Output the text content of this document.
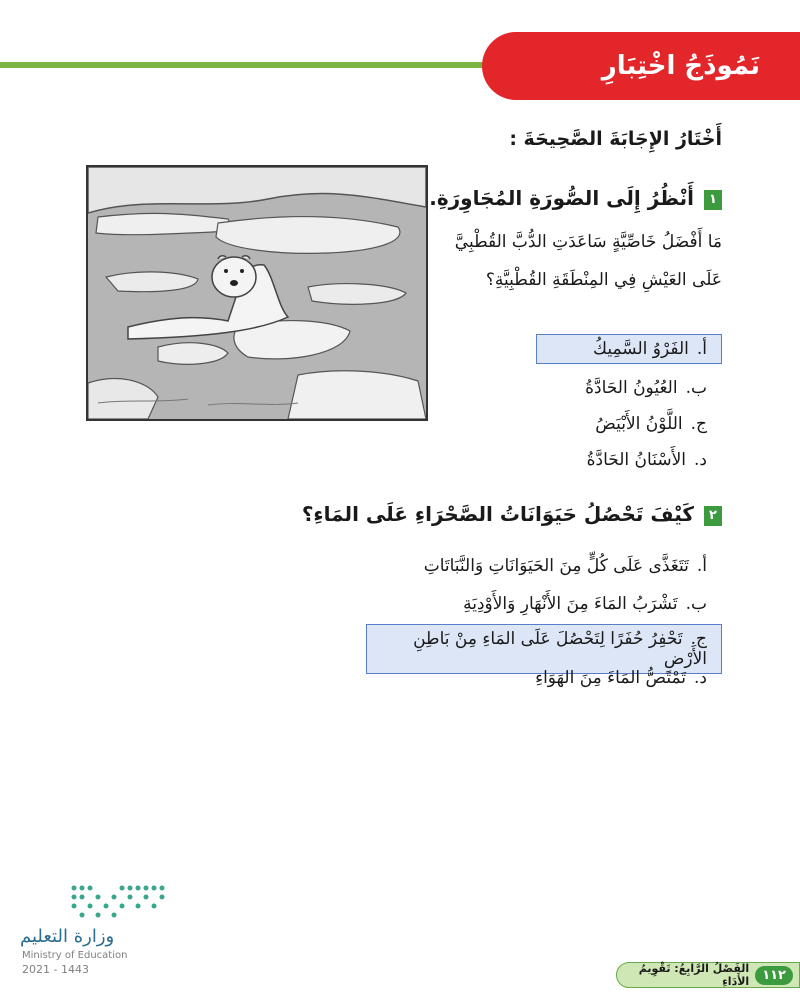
نَمُوذَجُ اخْتِبَارِ
أَخْتَارُ الإِجَابَةَ الصَّحِيحَةَ :
١أَنْظُرُ إِلَى الصُّورَةِ المُجَاوِرَةِ.
مَا أَفْضَلُ خَاصِّيَّةٍ سَاعَدَتِ الدُّبَّ القُطْبِيَّ
عَلَى العَيْشِ فِي المِنْطَقَةِ القُطْبِيَّةِ؟
أ.الفَرْوُ السَّمِيكُ
ب.العُيُونُ الحَادَّةُ
ج.اللَّوْنُ الأَبْيَضُ
د.الأَسْنَانُ الحَادَّةُ
٢كَيْفَ تَحْصُلُ حَيَوَانَاتُ الصَّحْرَاءِ عَلَى المَاءِ؟
أ.تَتَغَذَّى عَلَى كُلٍّ مِنَ الحَيَوَانَاتِ وَالنَّبَاتَاتِ
ب.تَشْرَبُ المَاءَ مِنَ الأَنْهَارِ وَالأَوْدِيَةِ
ج.تَحْفِرُ حُفَرًا لِتَحْصُلَ عَلَى المَاءِ مِنْ بَاطِنِ الأَرْضِ
د.تَمْتَصُّ المَاءَ مِنَ الهَوَاءِ
وزارة التعليم
Ministry of Education
2021 - 1443	١١٢
الفَصْلُ الرَّابِعُ: تَقْوِيمُ الأَدَاءِ
